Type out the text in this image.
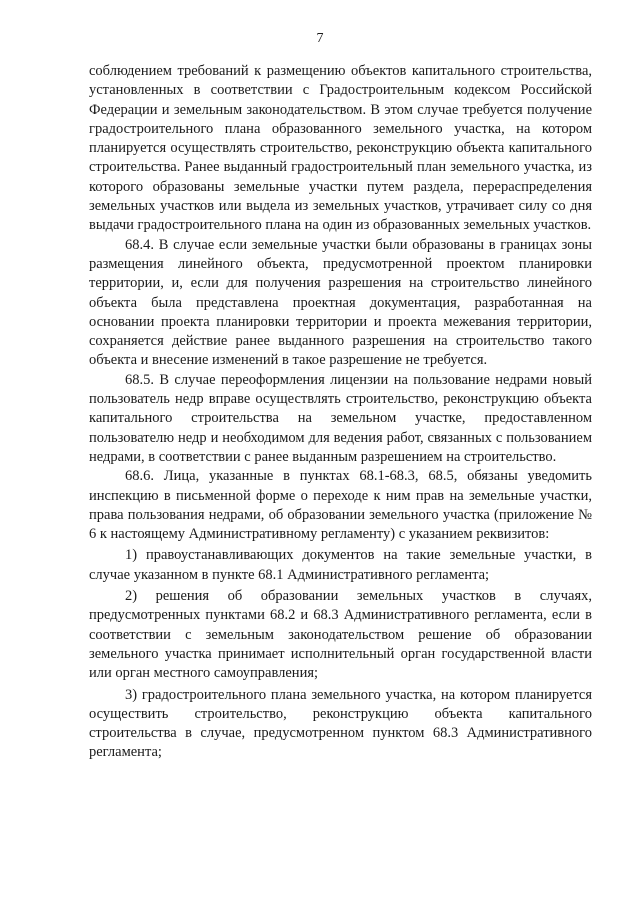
7

соблюдением требований к размещению объектов капитального строительства, установленных в соответствии с Градостроительным кодексом Российской Федерации и земельным законодательством. В этом случае требуется получение градостроительного плана образованного земельного участка, на котором планируется осуществлять строительство, реконструкцию объекта капитального строительства. Ранее выданный градостроительный план земельного участка, из которого образованы земельные участки путем раздела, перераспределения земельных участков или выдела из земельных участков, утрачивает силу со дня выдачи градостроительного плана на один из образованных земельных участков.

68.4. В случае если земельные участки были образованы в границах зоны размещения линейного объекта, предусмотренной проектом планировки территории, и, если для получения разрешения на строительство линейного объекта была представлена проектная документация, разработанная на основании проекта планировки территории и проекта межевания территории, сохраняется действие ранее выданного разрешения на строительство такого объекта и внесение изменений в такое разрешение не требуется.

68.5. В случае переоформления лицензии на пользование недрами новый пользователь недр вправе осуществлять строительство, реконструкцию объекта капитального строительства на земельном участке, предоставленном пользователю недр и необходимом для ведения работ, связанных с пользованием недрами, в соответствии с ранее выданным разрешением на строительство.

68.6. Лица, указанные в пунктах 68.1-68.3, 68.5, обязаны уведомить инспекцию в письменной форме о переходе к ним прав на земельные участки, права пользования недрами, об образовании земельного участка (приложение № 6 к настоящему Административному регламенту) с указанием реквизитов:

1) правоустанавливающих документов на такие земельные участки, в случае указанном в пункте 68.1 Административного регламента;

2) решения об образовании земельных участков в случаях, предусмотренных пунктами 68.2 и 68.3 Административного регламента, если в соответствии с земельным законодательством решение об образовании земельного участка принимает исполнительный орган государственной власти или орган местного самоуправления;

3) градостроительного плана земельного участка, на котором планируется осуществить строительство, реконструкцию объекта капитального строительства в случае, предусмотренном пунктом 68.3 Административного регламента;
